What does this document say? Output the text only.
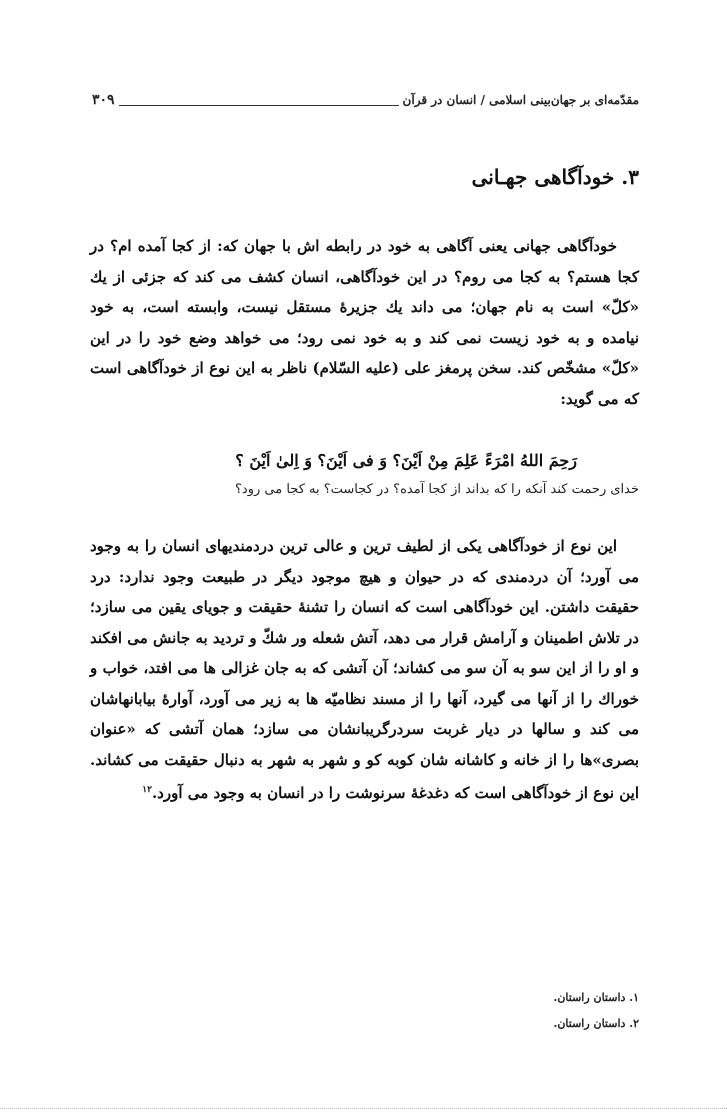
مقدّمه‌ای بر جهان‌بینی اسلامی / انسان در قرآن
۳۰۹
۳. خودآگاهی جهـانی

خودآگاهی جهانی یعنی آگاهی به خود در رابطه اش با جهان که: از کجا آمده ام؟ در کجا هستم؟ به کجا می روم؟ در این خودآگاهی، انسان کشف می کند که جزئی از یك «کلّ» است به نام جهان؛ می داند یك جزیرهٔ مستقل نیست، وابسته است، به خود نیامده و به خود زیست نمی کند و به خود نمی رود؛ می خواهد وضع خود را در این «کلّ» مشخّص کند. سخن پرمغز علی (علیه السّلام) ناظر به این نوع از خودآگاهی است که می گوید:

رَحِمَ اللهُ امْرَءً عَلِمَ مِنْ اَیْنَ؟ وَ فی اَیْنَ؟ وَ اِلیٰ اَیْنَ ؟
خدای رحمت کند آنکه را که بداند از کجا آمده؟ در کجاست؟ به کجا می رود؟

این نوع از خودآگاهی یکی از لطیف ترین و عالی ترین دردمندیهای انسان را به وجود می آورد؛ آن دردمندی که در حیوان و هیچ موجود دیگر در طبیعت وجود ندارد: درد حقیقت داشتن. این خودآگاهی است که انسان را تشنهٔ حقیقت و جویای یقین می سازد؛ در تلاش اطمینان و آرامش قرار می دهد، آتش شعله ور شكّ و تردید به جانش می افکند و او را از این سو به آن سو می کشاند؛ آن آتشی که به جان غزالی ها می افتد، خواب و خوراك را از آنها می گیرد، آنها را از مسند نظامیّه ها به زیر می آورد، آوارهٔ بیابانهاشان می کند و سالها در دیار غربت سردرگریبانشان می سازد؛ همان آتشی که «عنوان بصری»ها را از خانه و کاشانه شان کوبه کو و شهر به شهر به دنبال حقیقت می کشاند. این نوع از خودآگاهی است که دغدغهٔ سرنوشت را در انسان به وجود می آورد.$^{۱۲}$

۱. داستان راستان.
۲. داستان راستان.
